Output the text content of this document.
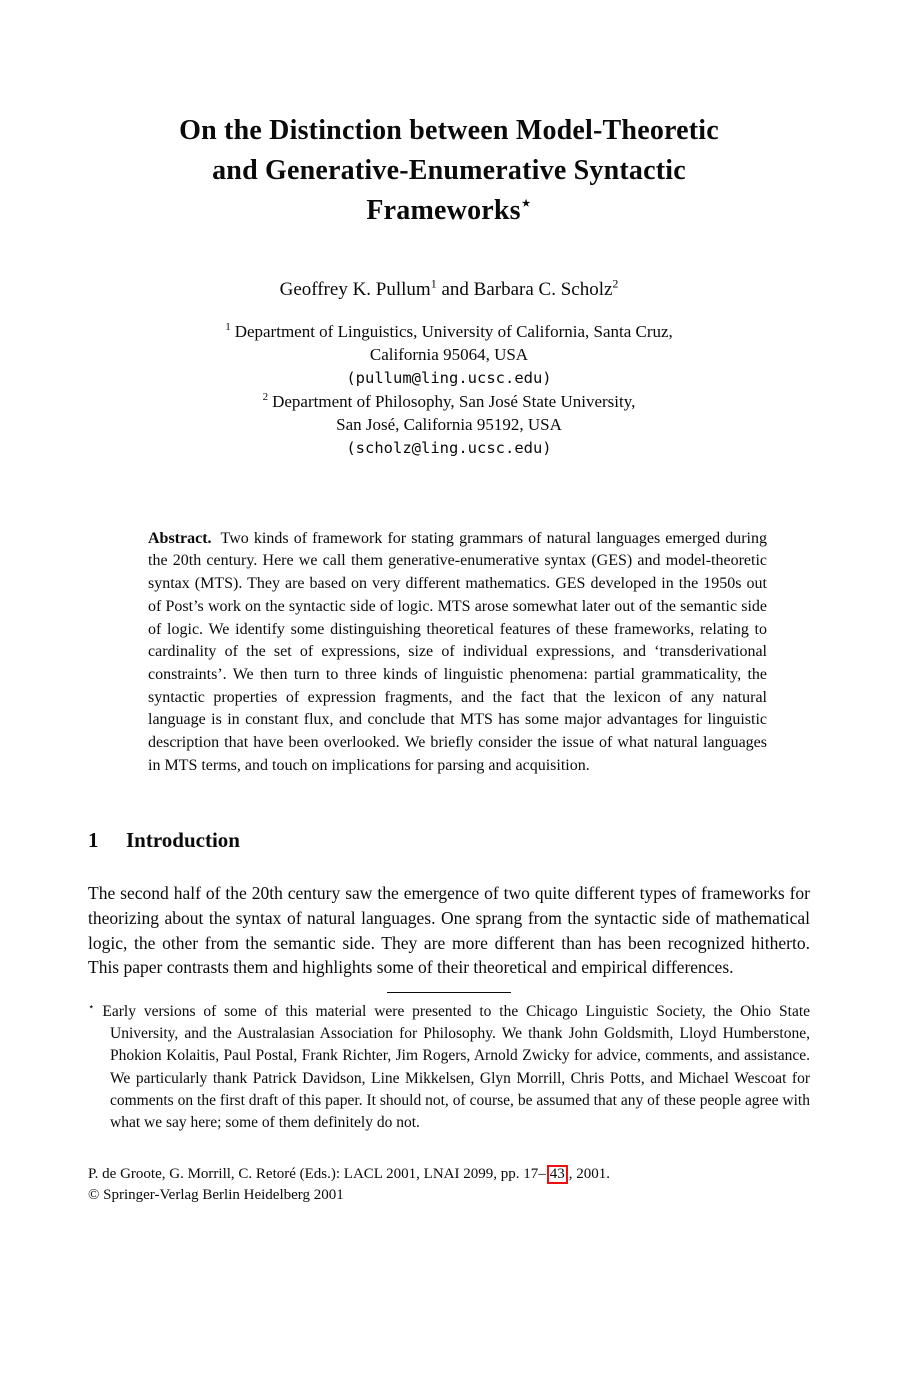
On the Distinction between Model-Theoretic
and Generative-Enumerative Syntactic
Frameworks⋆
Geoffrey K. Pullum$^1$ and Barbara C. Scholz$^2$
$^1$ Department of Linguistics, University of California, Santa Cruz,
California 95064, USA
(pullum@ling.ucsc.edu)
$^2$ Department of Philosophy, San José State University,
San José, California 95192, USA
(scholz@ling.ucsc.edu)

Abstract. Two kinds of framework for stating grammars of natural languages emerged during the 20th century. Here we call them generative-enumerative syntax (GES) and model-theoretic syntax (MTS). They are based on very different mathematics. GES developed in the 1950s out of Post’s work on the syntactic side of logic. MTS arose somewhat later out of the semantic side of logic. We identify some distinguishing theoretical features of these frameworks, relating to cardinality of the set of expressions, size of individual expressions, and ‘transderivational constraints’. We then turn to three kinds of linguistic phenomena: partial grammaticality, the syntactic properties of expression fragments, and the fact that the lexicon of any natural language is in constant flux, and conclude that MTS has some major advantages for linguistic description that have been overlooked. We briefly consider the issue of what natural languages in MTS terms, and touch on implications for parsing and acquisition.

1 Introduction

The second half of the 20th century saw the emergence of two quite different types of frameworks for theorizing about the syntax of natural languages. One sprang from the syntactic side of mathematical logic, the other from the semantic side. They are more different than has been recognized hitherto. This paper contrasts them and highlights some of their theoretical and empirical differences.

⋆ Early versions of some of this material were presented to the Chicago Linguistic Society, the Ohio State University, and the Australasian Association for Philosophy. We thank John Goldsmith, Lloyd Humberstone, Phokion Kolaitis, Paul Postal, Frank Richter, Jim Rogers, Arnold Zwicky for advice, comments, and assistance. We particularly thank Patrick Davidson, Line Mikkelsen, Glyn Morrill, Chris Potts, and Michael Wescoat for comments on the first draft of this paper. It should not, of course, be assumed that any of these people agree with what we say here; some of them definitely do not.

P. de Groote, G. Morrill, C. Retoré (Eds.): LACL 2001, LNAI 2099, pp. 17– 43 , 2001.
© Springer-Verlag Berlin Heidelberg 2001
